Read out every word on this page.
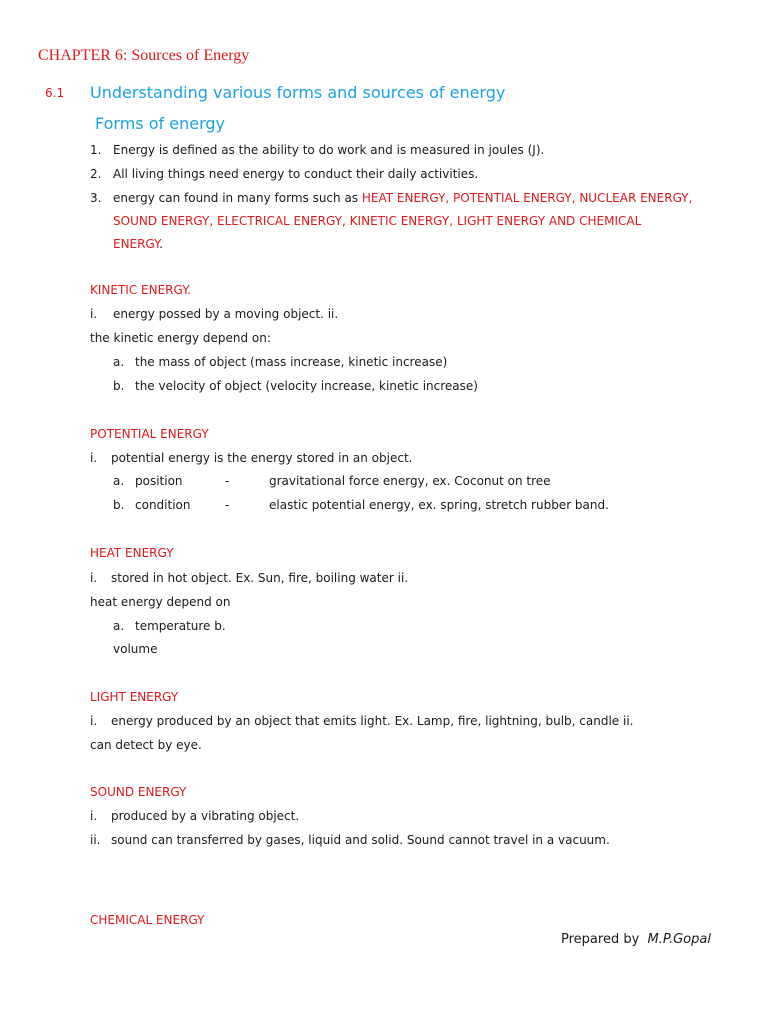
CHAPTER 6: Sources of Energy
6.1 Understanding various forms and sources of energy
Forms of energy
1. Energy is defined as the ability to do work and is measured in joules (J).
2. All living things need energy to conduct their daily activities.
3. energy can found in many forms such as HEAT ENERGY, POTENTIAL ENERGY, NUCLEAR ENERGY,
SOUND ENERGY, ELECTRICAL ENERGY, KINETIC ENERGY, LIGHT ENERGY AND CHEMICAL
ENERGY.
KINETIC ENERGY.
i. energy possed by a moving object. ii.
the kinetic energy depend on:
a. the mass of object (mass increase, kinetic increase)
b. the velocity of object (velocity increase, kinetic increase)
POTENTIAL ENERGY
i. potential energy is the energy stored in an object.
a. position	-	gravitational force energy, ex. Coconut on tree
b. condition	-	elastic potential energy, ex. spring, stretch rubber band.
HEAT ENERGY
i. stored in hot object. Ex. Sun, fire, boiling water ii.
heat energy depend on
a. temperature b.
volume
LIGHT ENERGY
i. energy produced by an object that emits light. Ex. Lamp, fire, lightning, bulb, candle ii.
can detect by eye.
SOUND ENERGY
i. produced by a vibrating object.
ii. sound can transferred by gases, liquid and solid. Sound cannot travel in a vacuum.
CHEMICAL ENERGY
Prepared by M.P.Gopal
